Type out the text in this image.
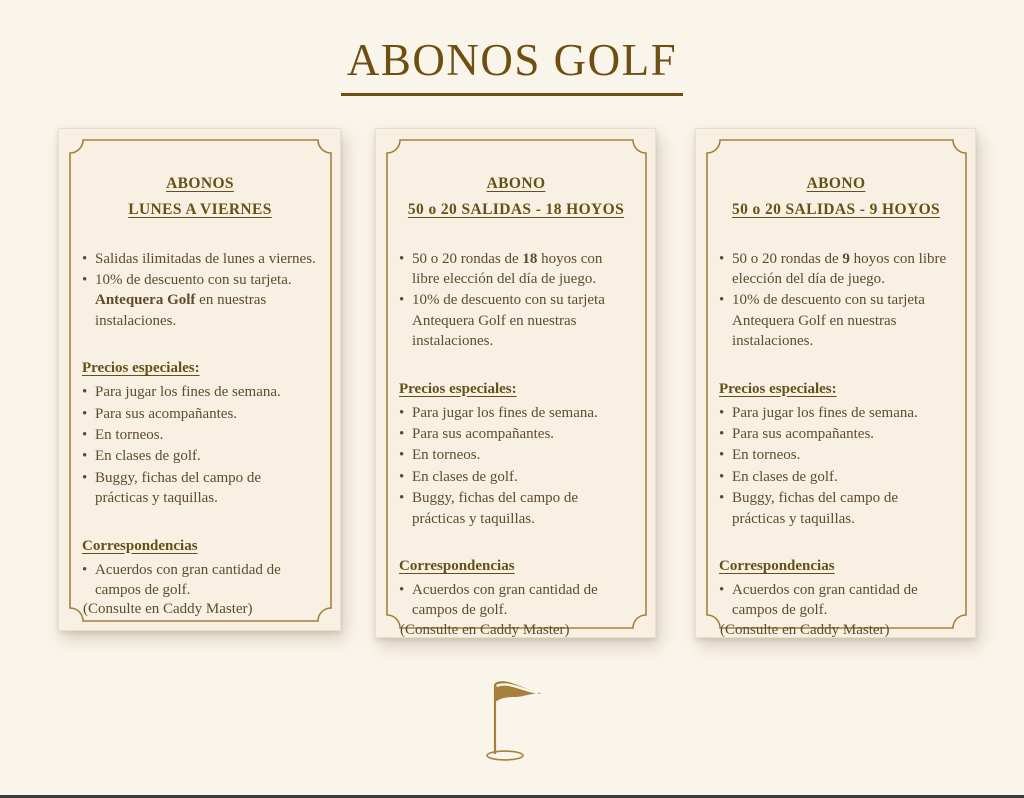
ABONOS GOLF
ABONOS
LUNES A VIERNES
• Salidas ilimitadas de lunes a viernes.
• 10% de descuento con su tarjeta. Antequera Golf en nuestras instalaciones.
Precios especiales:
• Para jugar los fines de semana.
• Para sus acompañantes.
• En torneos.
• En clases de golf.
• Buggy, fichas del campo de prácticas y taquillas.
Correspondencias
• Acuerdos con gran cantidad de campos de golf.
(Consulte en Caddy Master)
ABONO
50 o 20 SALIDAS - 18 HOYOS
• 50 o 20 rondas de 18 hoyos con libre elección del día de juego.
• 10% de descuento con su tarjeta Antequera Golf en nuestras instalaciones.
Precios especiales:
• Para jugar los fines de semana.
• Para sus acompañantes.
• En torneos.
• En clases de golf.
• Buggy, fichas del campo de prácticas y taquillas.
Correspondencias
• Acuerdos con gran cantidad de campos de golf.
(Consulte en Caddy Master)
ABONO
50 o 20 SALIDAS - 9 HOYOS
• 50 o 20 rondas de 9 hoyos con libre elección del día de juego.
• 10% de descuento con su tarjeta Antequera Golf en nuestras instalaciones.
Precios especiales:
• Para jugar los fines de semana.
• Para sus acompañantes.
• En torneos.
• En clases de golf.
• Buggy, fichas del campo de prácticas y taquillas.
Correspondencias
• Acuerdos con gran cantidad de campos de golf.
(Consulte en Caddy Master)
